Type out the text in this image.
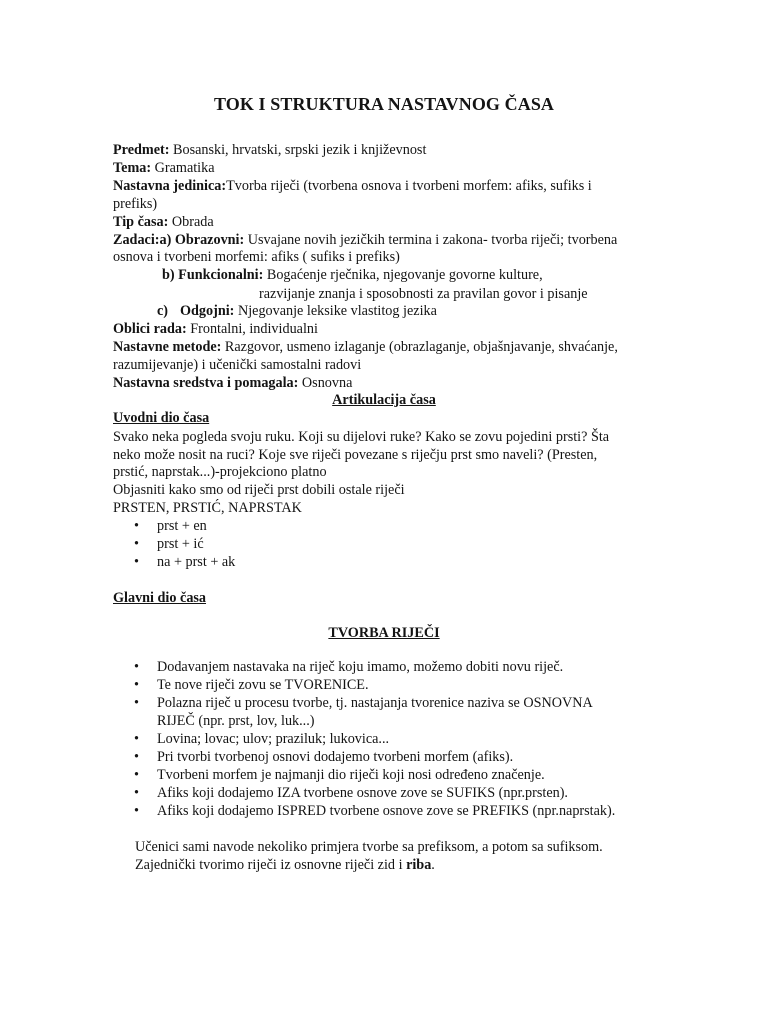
TOK I STRUKTURA NASTAVNOG ČASA
Predmet: Bosanski, hrvatski, srpski jezik i književnost
Tema: Gramatika
Nastavna jedinica:Tvorba riječi (tvorbena osnova i tvorbeni morfem: afiks, sufiks i
prefiks)
Tip časa: Obrada
Zadaci:a) Obrazovni: Usvajane novih jezičkih termina i zakona- tvorba riječi; tvorbena
osnova i tvorbeni morfemi: afiks ( sufiks i prefiks)
b) Funkcionalni: Bogaćenje rječnika, njegovanje govorne kulture,
razvijanje znanja i sposobnosti za pravilan govor i pisanje
c) Odgojni: Njegovanje leksike vlastitog jezika
Oblici rada: Frontalni, individualni
Nastavne metode: Razgovor, usmeno izlaganje (obrazlaganje, objašnjavanje, shvaćanje,
razumijevanje) i učenički samostalni radovi
Nastavna sredstva i pomagala: Osnovna
Artikulacija časa
Uvodni dio časa
Svako neka pogleda svoju ruku. Koji su dijelovi ruke? Kako se zovu pojedini prsti? Šta
neko može nosit na ruci? Koje sve riječi povezane s riječju prst smo naveli? (Presten,
prstić, naprstak...)-projekciono platno
Objasniti kako smo od riječi prst dobili ostale riječi
PRSTEN, PRSTIĆ, NAPRSTAK
• prst + en
• prst + ić
• na + prst + ak
Glavni dio časa
TVORBA RIJEČI
• Dodavanjem nastavaka na riječ koju imamo, možemo dobiti novu riječ.
• Te nove riječi zovu se TVORENICE.
• Polazna riječ u procesu tvorbe, tj. nastajanja tvorenice naziva se OSNOVNA
RIJEČ (npr. prst, lov, luk...)
• Lovina; lovac; ulov; praziluk; lukovica...
• Pri tvorbi tvorbenoj osnovi dodajemo tvorbeni morfem (afiks).
• Tvorbeni morfem je najmanji dio riječi koji nosi određeno značenje.
• Afiks koji dodajemo IZA tvorbene osnove zove se SUFIKS (npr.prsten).
• Afiks koji dodajemo ISPRED tvorbene osnove zove se PREFIKS (npr.naprstak).
Učenici sami navode nekoliko primjera tvorbe sa prefiksom, a potom sa sufiksom.
Zajednički tvorimo riječi iz osnovne riječi zid i riba.
